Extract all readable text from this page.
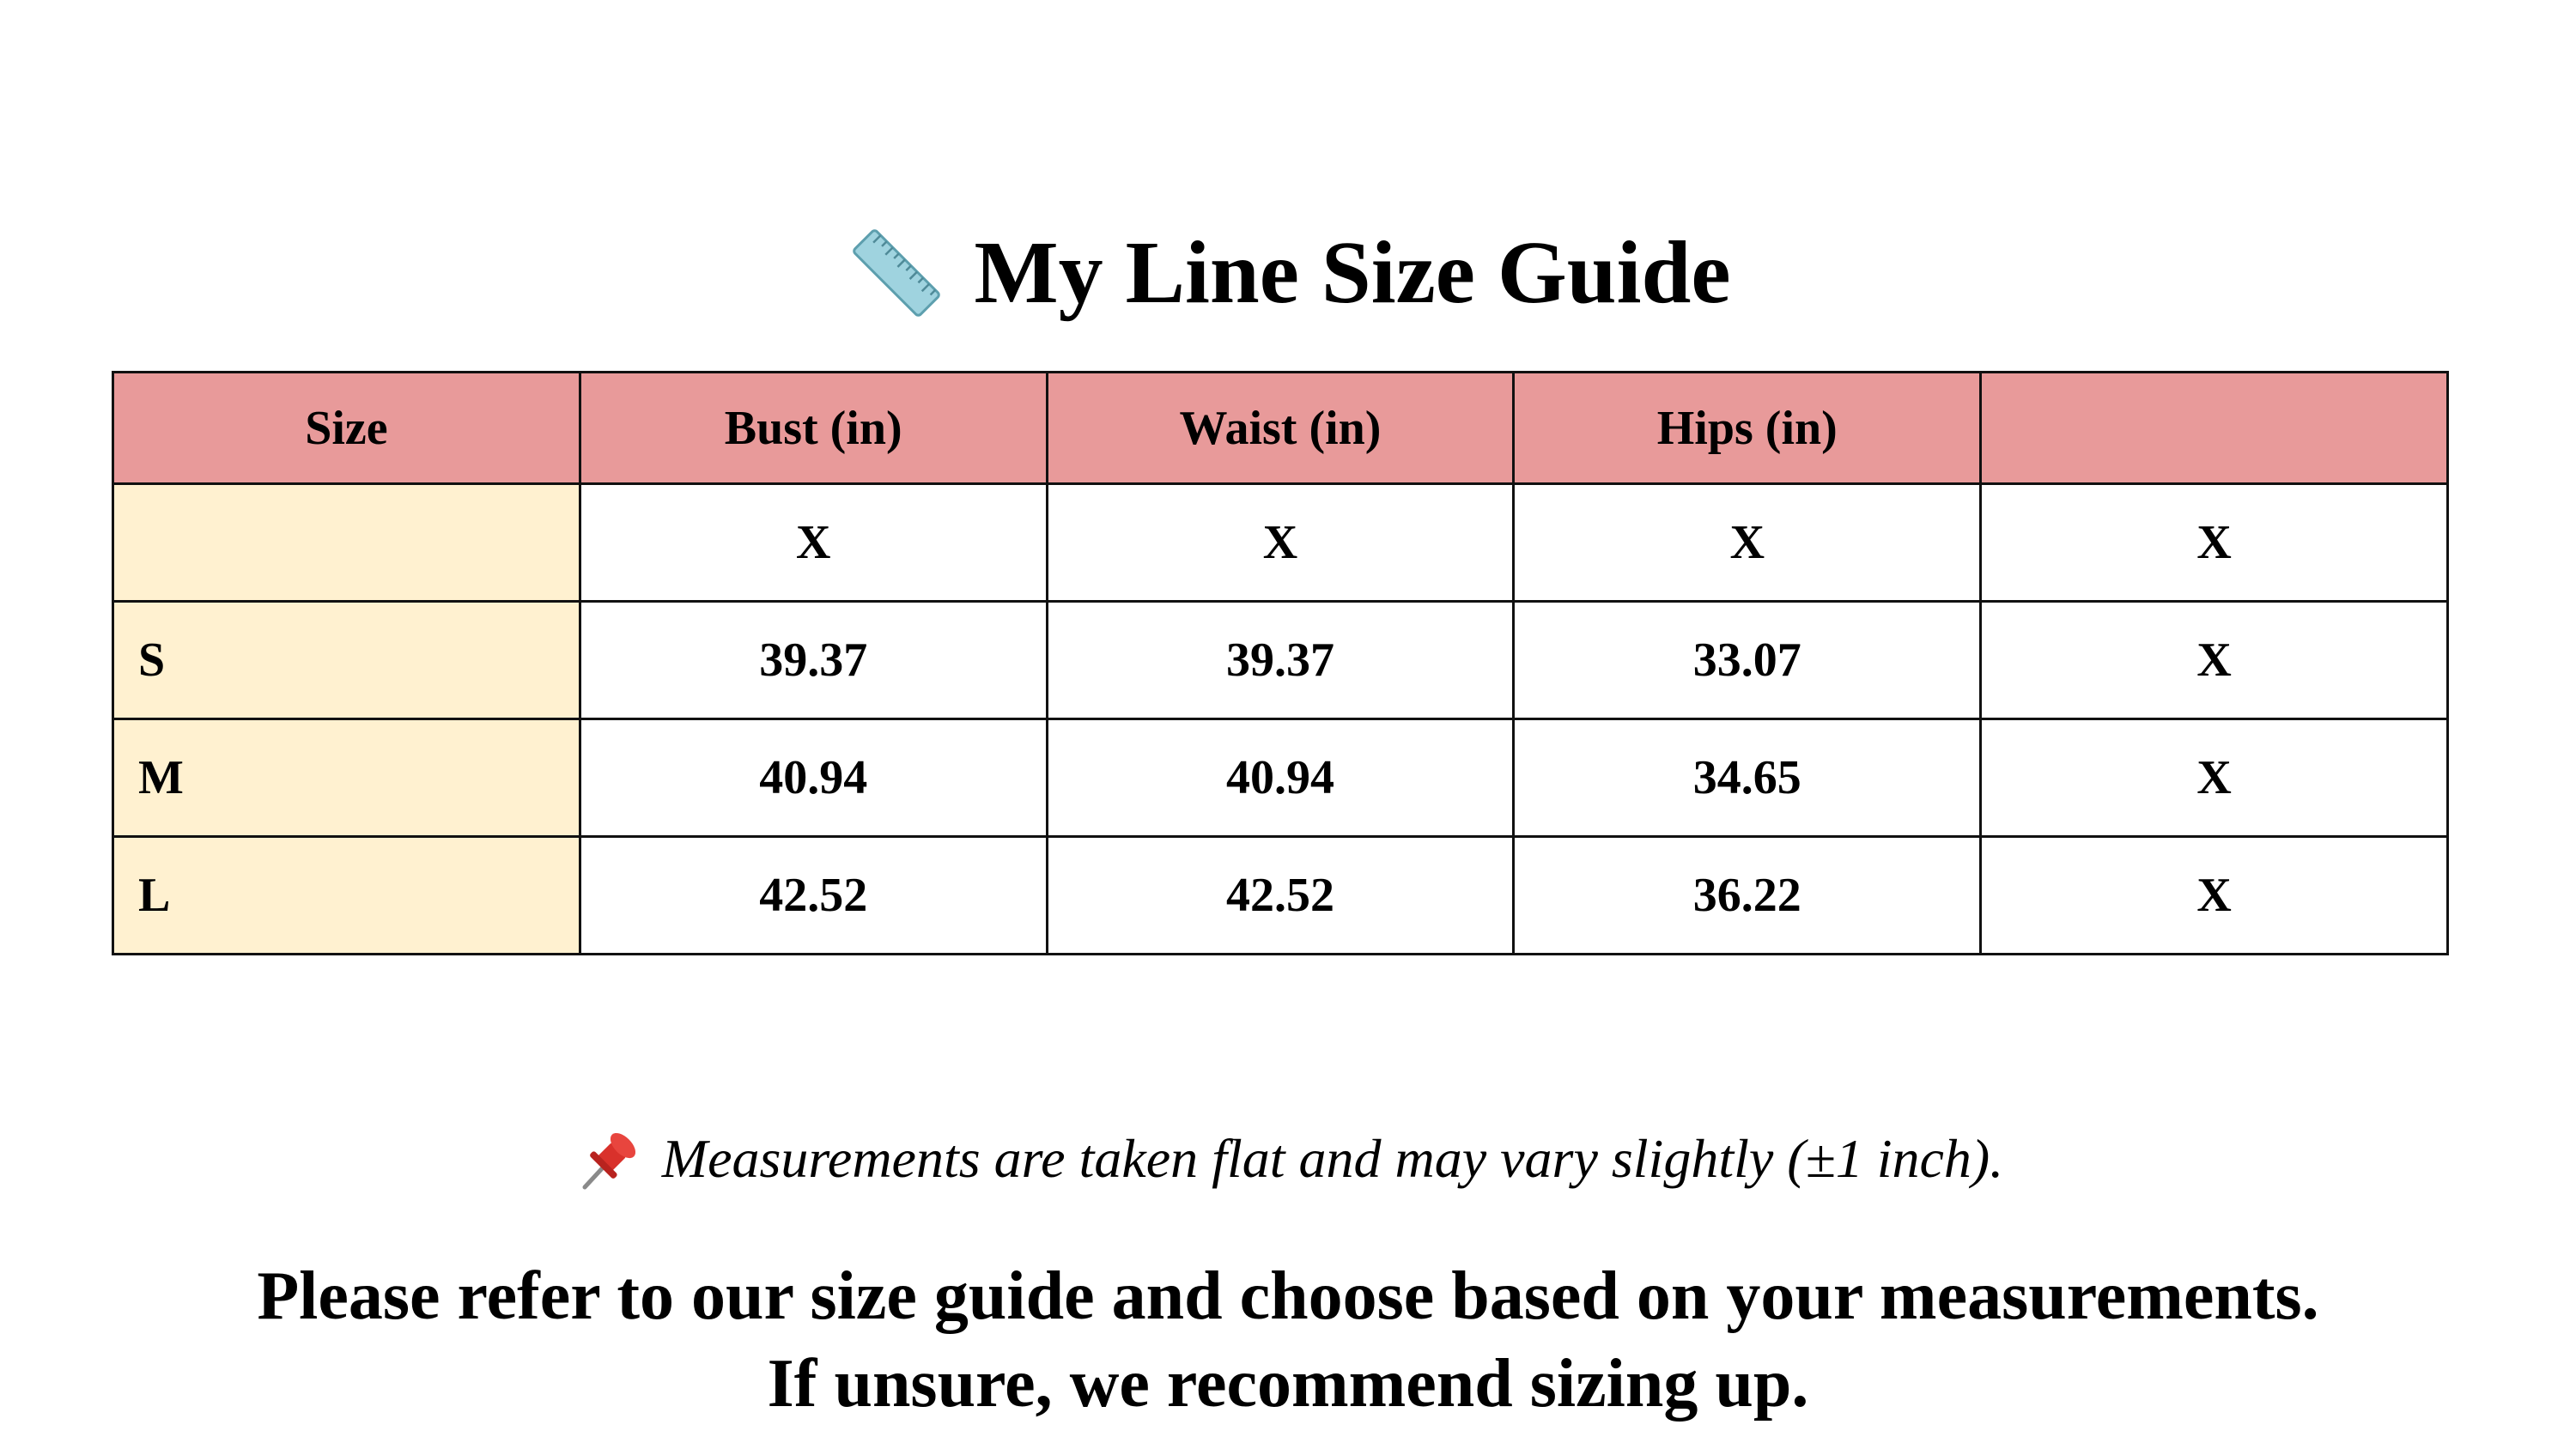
My Line Size Guide
Size	Bust (in)	Waist (in)	Hips (in)	
	X	X	X	X
S	39.37	39.37	33.07	X
M	40.94	40.94	34.65	X
L	42.52	42.52	36.22	X
Measurements are taken flat and may vary slightly (±1 inch).
Please refer to our size guide and choose based on your measurements.
If unsure, we recommend sizing up.
